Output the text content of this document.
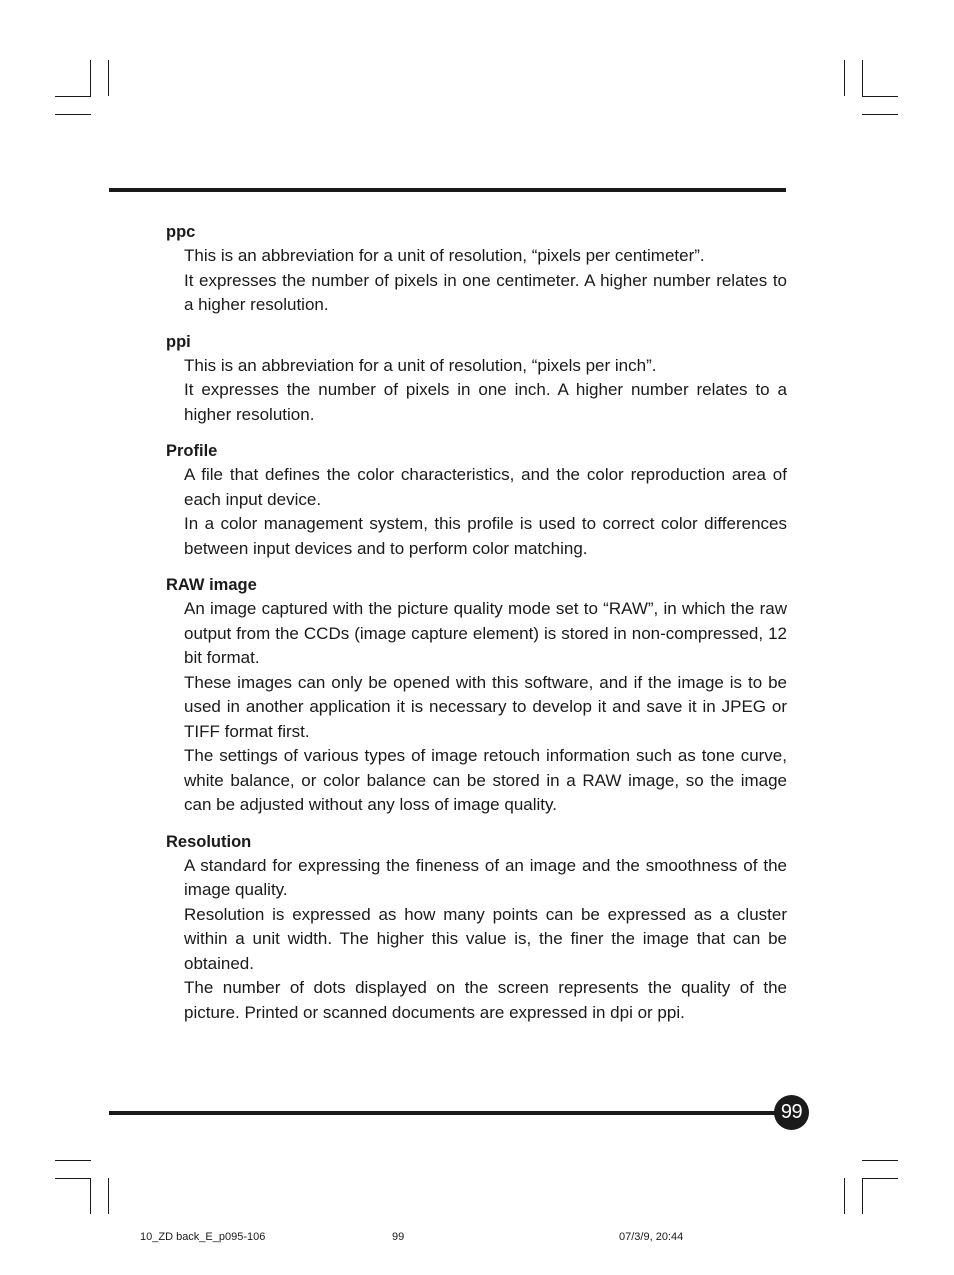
ppc

This is an abbreviation for a unit of resolution, “pixels per centimeter”.

It expresses the number of pixels in one centimeter. A higher number relates to a higher resolution.

ppi

This is an abbreviation for a unit of resolution, “pixels per inch”.

It expresses the number of pixels in one inch. A higher number relates to a higher resolution.

Profile

A file that defines the color characteristics, and the color reproduction area of each input device.

In a color management system, this profile is used to correct color differences between input devices and to perform color matching.

RAW image

An image captured with the picture quality mode set to “RAW”, in which the raw output from the CCDs (image capture element) is stored in non-compressed, 12 bit format.

These images can only be opened with this software, and if the image is to be used in another application it is necessary to develop it and save it in JPEG or TIFF format first.

The settings of various types of image retouch information such as tone curve, white balance, or color balance can be stored in a RAW image, so the image can be adjusted without any loss of image quality.

Resolution

A standard for expressing the fineness of an image and the smoothness of the image quality.

Resolution is expressed as how many points can be expressed as a cluster within a unit width. The higher this value is, the finer the image that can be obtained.

The number of dots displayed on the screen represents the quality of the picture. Printed or scanned documents are expressed in dpi or ppi.

99
10_ZD back_E_p095-106	99	07/3/9, 20:44
